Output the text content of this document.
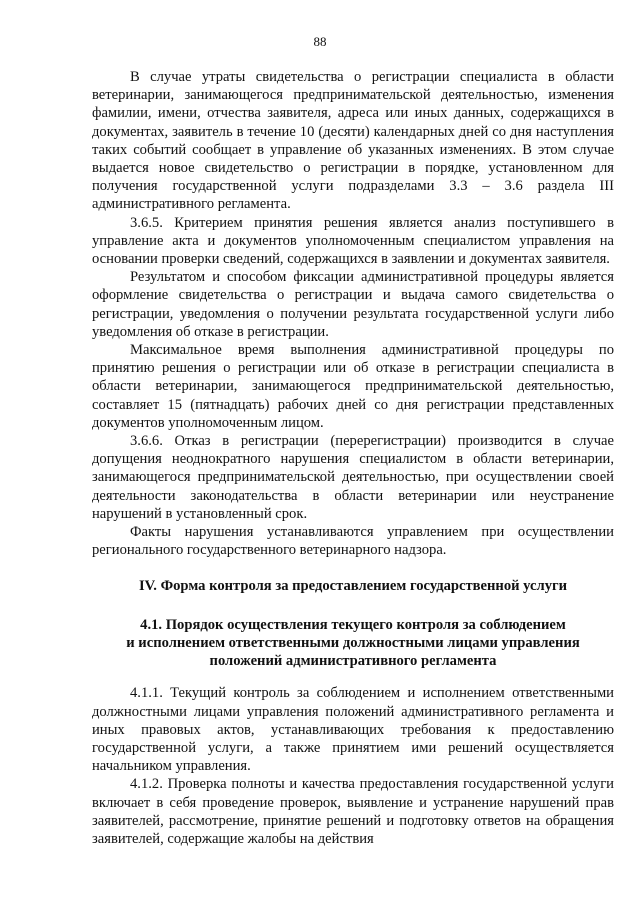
88

В случае утраты свидетельства о регистрации специалиста в области ветеринарии, занимающегося предпринимательской деятельностью, изменения фамилии, имени, отчества заявителя, адреса или иных данных, содержащихся в документах, заявитель в течение 10 (десяти) календарных дней со дня наступления таких событий сообщает в управление об указанных изменениях. В этом случае выдается новое свидетельство о регистрации в порядке, установленном для получения государственной услуги подразделами 3.3 – 3.6 раздела III административного регламента.

3.6.5. Критерием принятия решения является анализ поступившего в управление акта и документов уполномоченным специалистом управления на основании проверки сведений, содержащихся в заявлении и документах заявителя.

Результатом и способом фиксации административной процедуры является оформление свидетельства о регистрации и выдача самого свидетельства о регистрации, уведомления о получении результата государственной услуги либо уведомления об отказе в регистрации.

Максимальное время выполнения административной процедуры по принятию решения о регистрации или об отказе в регистрации специалиста в области ветеринарии, занимающегося предпринимательской деятельностью, составляет 15 (пятнадцать) рабочих дней со дня регистрации представленных документов уполномоченным лицом.

3.6.6. Отказ в регистрации (перерегистрации) производится в случае допущения неоднократного нарушения специалистом в области ветеринарии, занимающегося предпринимательской деятельностью, при осуществлении своей деятельности законодательства в области ветеринарии или неустранение нарушений в установленный срок.

Факты нарушения устанавливаются управлением при осуществлении регионального государственного ветеринарного надзора.

IV. Форма контроля за предоставлением государственной услуги

4.1. Порядок осуществления текущего контроля за соблюдением
и исполнением ответственными должностными лицами управления
положений административного регламента

4.1.1. Текущий контроль за соблюдением и исполнением ответственными должностными лицами управления положений административного регламента и иных правовых актов, устанавливающих требования к предоставлению государственной услуги, а также принятием ими решений осуществляется начальником управления.

4.1.2. Проверка полноты и качества предоставления государственной услуги включает в себя проведение проверок, выявление и устранение нарушений прав заявителей, рассмотрение, принятие решений и подготовку ответов на обращения заявителей, содержащие жалобы на действия
